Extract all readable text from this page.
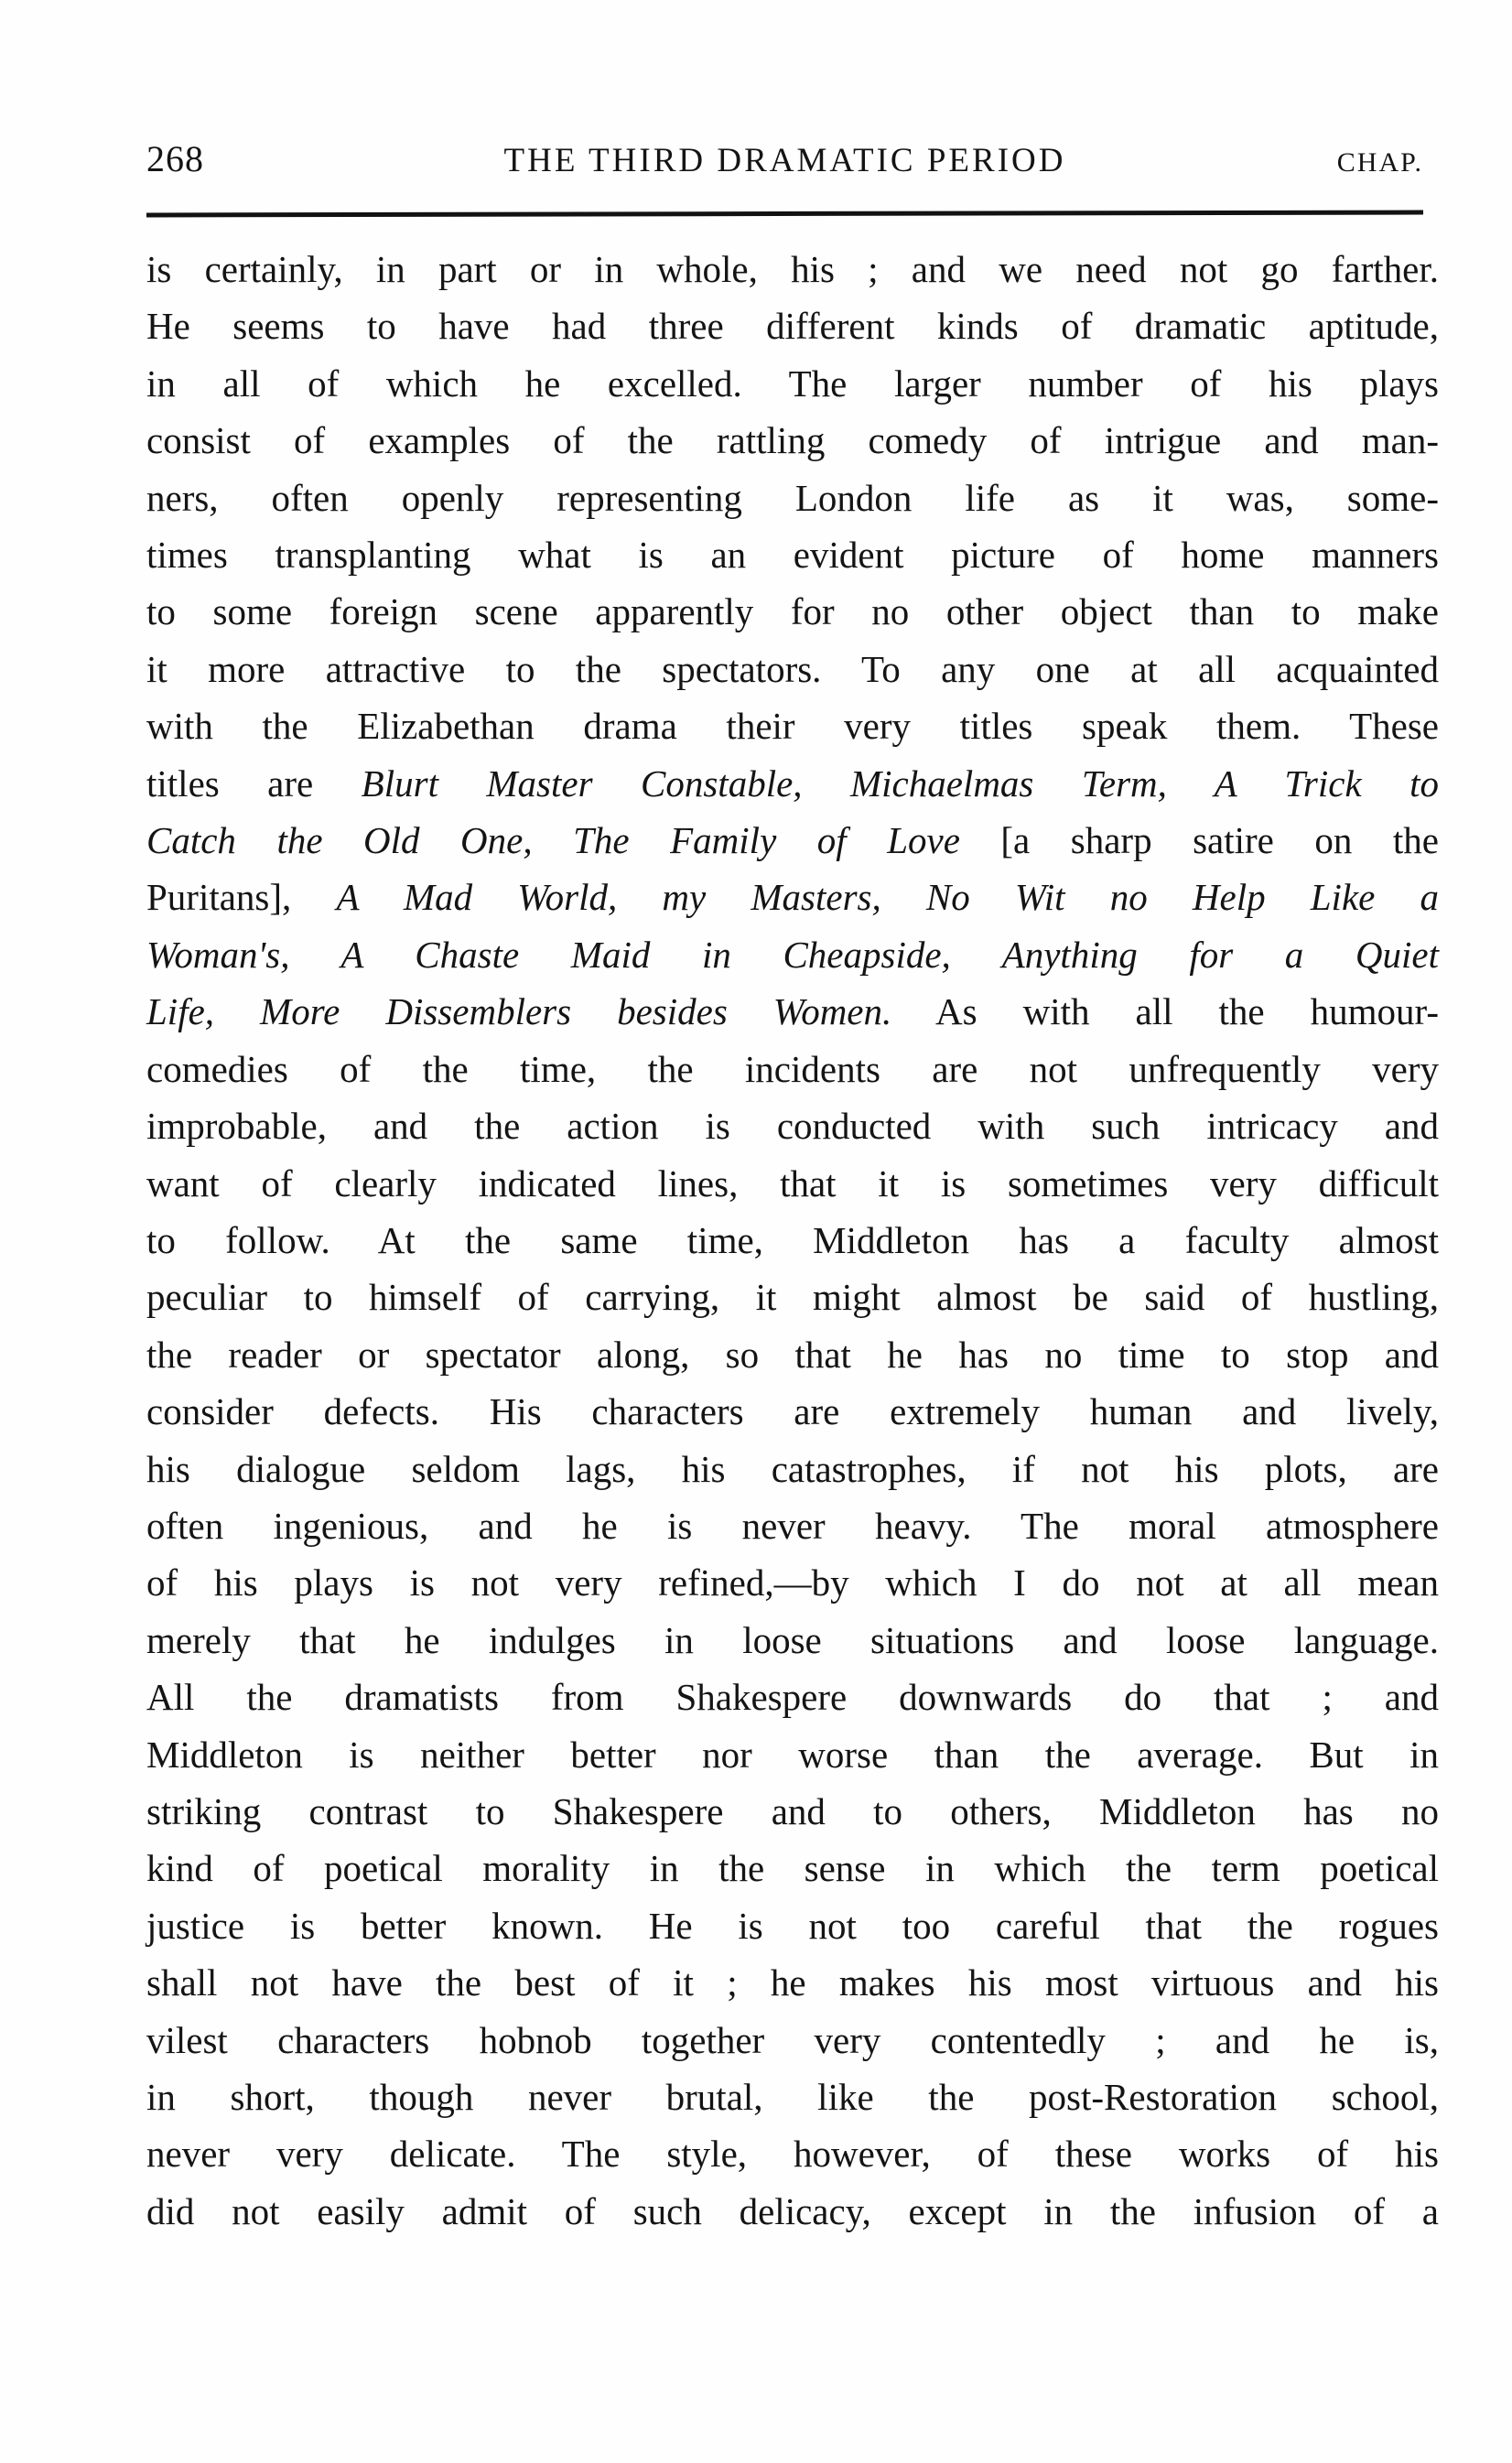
268	THE THIRD DRAMATIC PERIOD	CHAP.
is certainly, in part or in whole, his ; and we need not go farther.
He seems to have had three different kinds of dramatic aptitude,
in all of which he excelled. The larger number of his plays
consist of examples of the rattling comedy of intrigue and man-
ners, often openly representing London life as it was, some-
times transplanting what is an evident picture of home manners
to some foreign scene apparently for no other object than to make
it more attractive to the spectators. To any one at all acquainted
with the Elizabethan drama their very titles speak them. These
titles are Blurt Master Constable, Michaelmas Term, A Trick to
Catch the Old One, The Family of Love [a sharp satire on the
Puritans], A Mad World, my Masters, No Wit no Help Like a
Woman's, A Chaste Maid in Cheapside, Anything for a Quiet
Life, More Dissemblers besides Women. As with all the humour-
comedies of the time, the incidents are not unfrequently very
improbable, and the action is conducted with such intricacy and
want of clearly indicated lines, that it is sometimes very difficult
to follow. At the same time, Middleton has a faculty almost
peculiar to himself of carrying, it might almost be said of hustling,
the reader or spectator along, so that he has no time to stop and
consider defects. His characters are extremely human and lively,
his dialogue seldom lags, his catastrophes, if not his plots, are
often ingenious, and he is never heavy. The moral atmosphere
of his plays is not very refined,—by which I do not at all mean
merely that he indulges in loose situations and loose language.
All the dramatists from Shakespere downwards do that ; and
Middleton is neither better nor worse than the average. But in
striking contrast to Shakespere and to others, Middleton has no
kind of poetical morality in the sense in which the term poetical
justice is better known. He is not too careful that the rogues
shall not have the best of it ; he makes his most virtuous and his
vilest characters hobnob together very contentedly ; and he is,
in short, though never brutal, like the post-Restoration school,
never very delicate. The style, however, of these works of his
did not easily admit of such delicacy, except in the infusion of a
